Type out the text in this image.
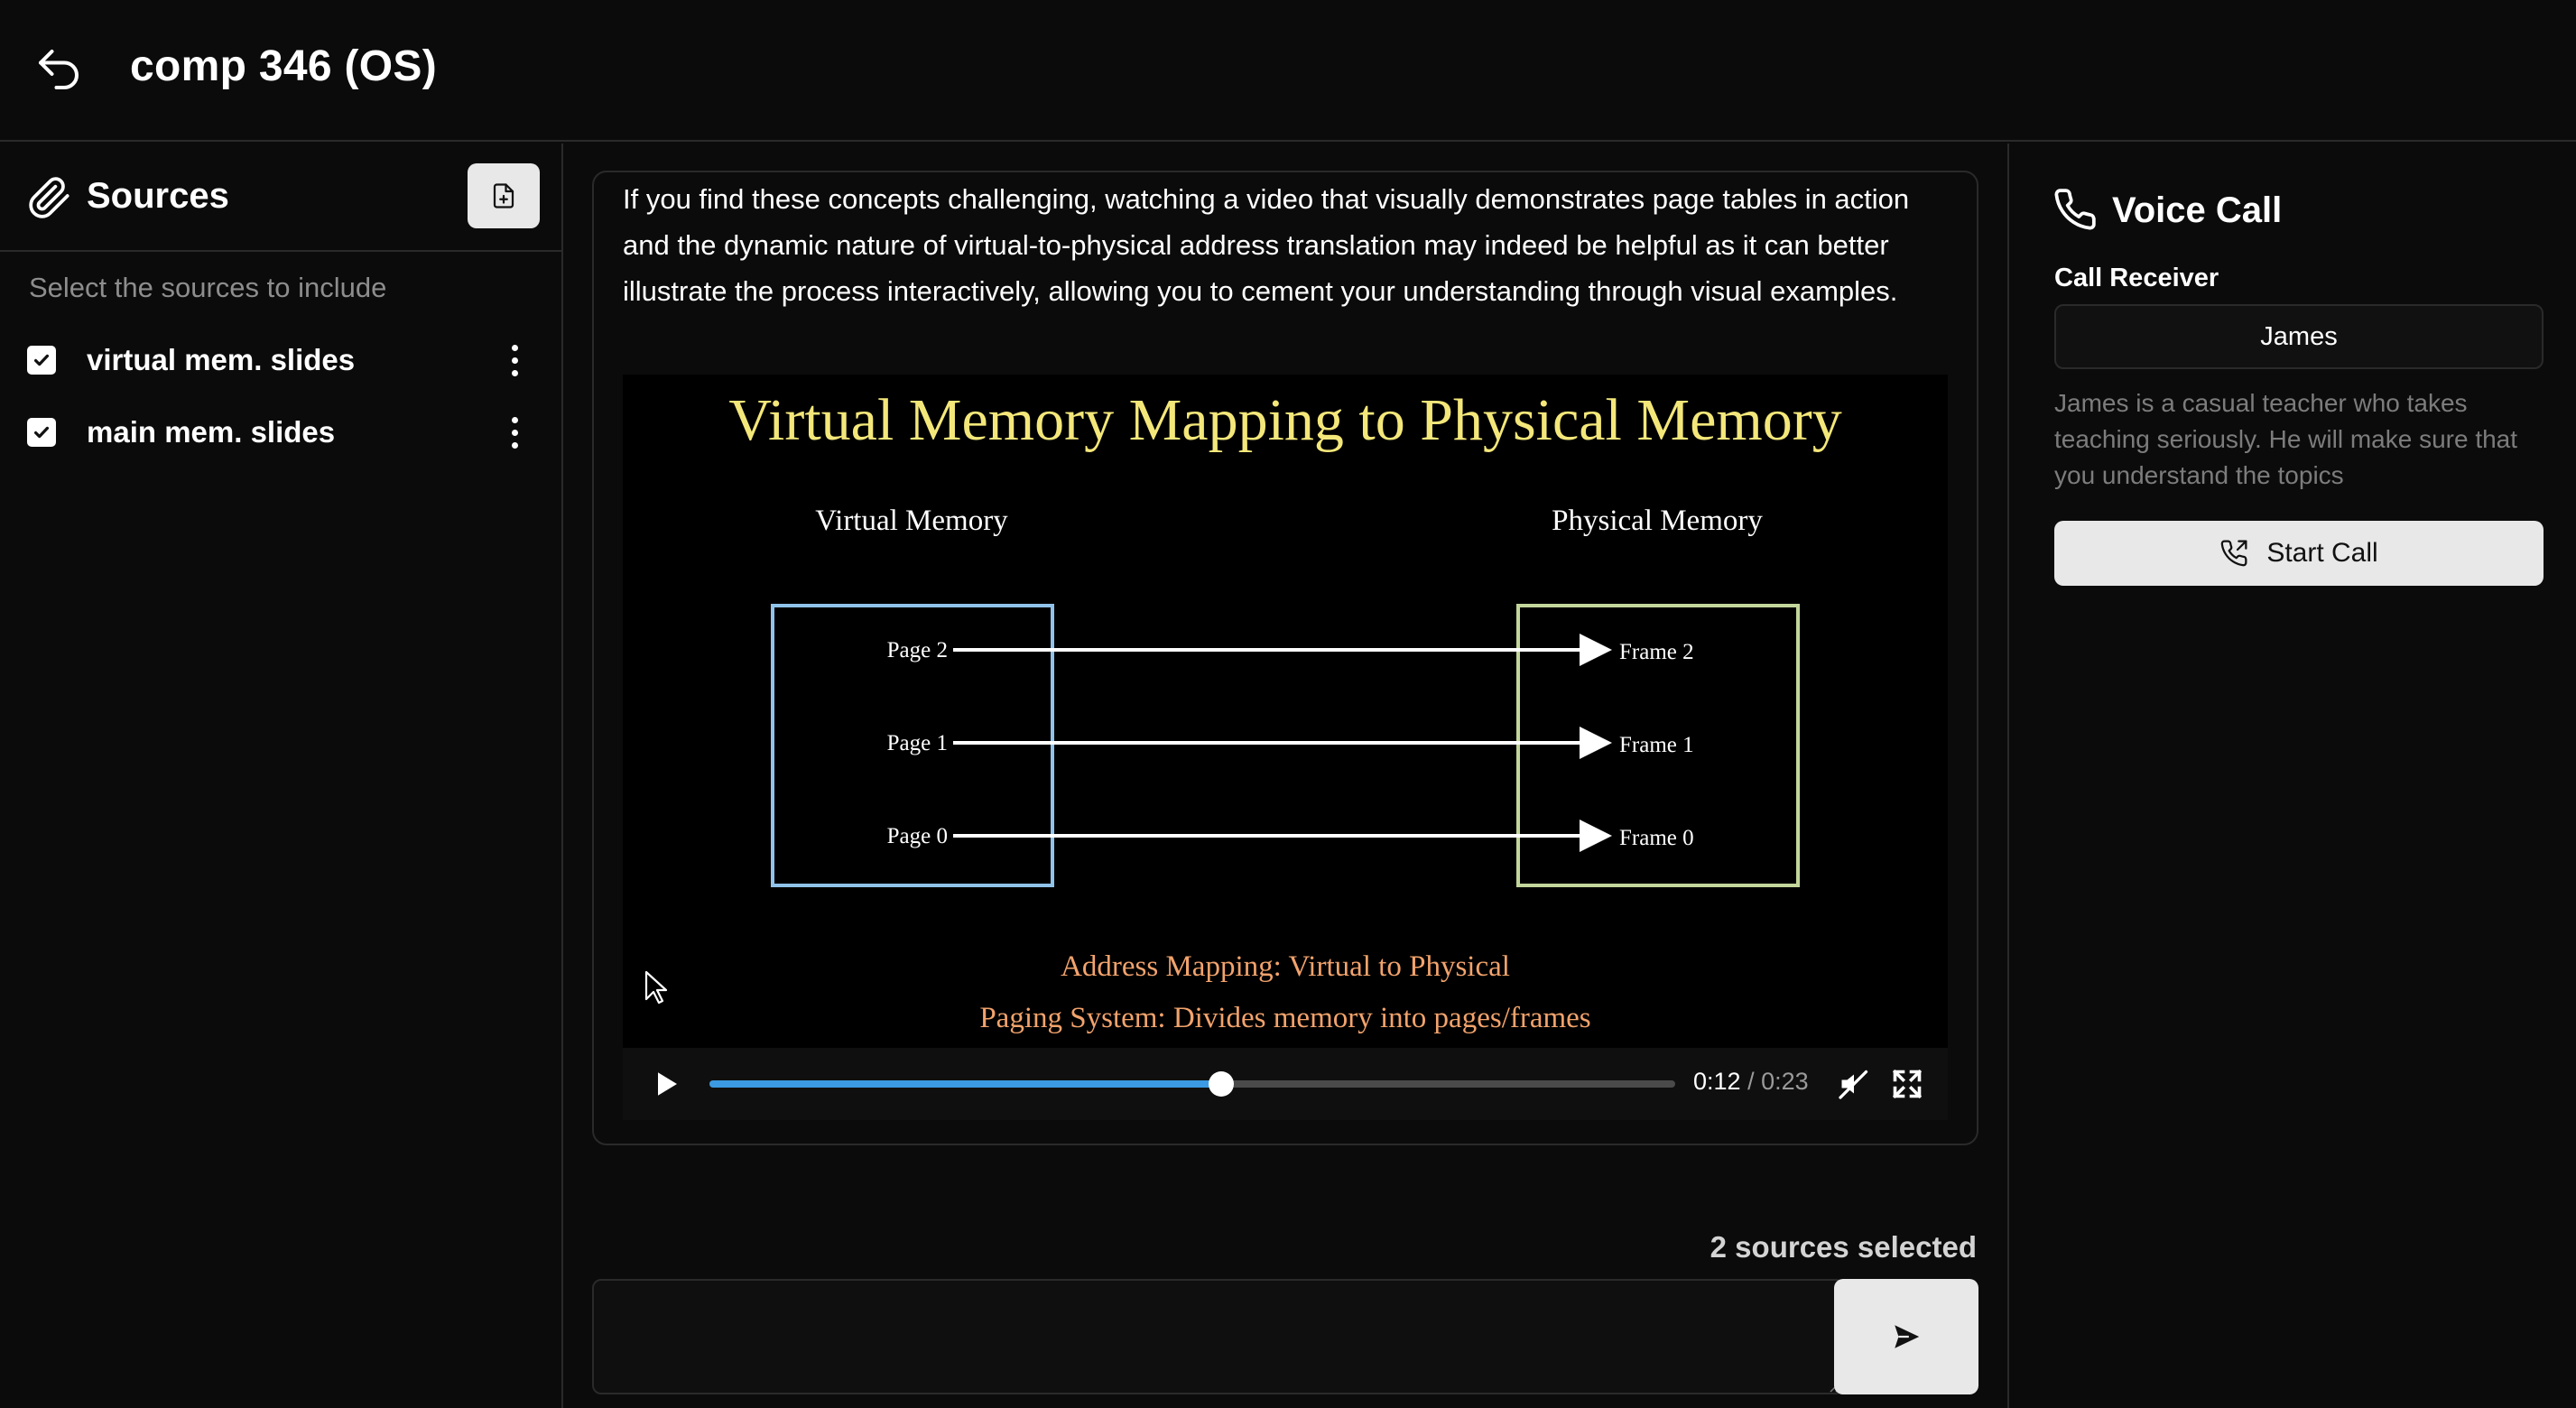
comp 346 (OS)
Sources
Select the sources to include
virtual mem. slides
main mem. slides
If you find these concepts challenging, watching a video that visually demonstrates page tables in action and the dynamic nature of virtual-to-physical address translation may indeed be helpful as it can better illustrate the process interactively, allowing you to cement your understanding through visual examples.
Virtual Memory Mapping to Physical Memory
Virtual Memory	Physical Memory
Page 2
Page 1
Page 0
Frame 2
Frame 1
Frame 0
Address Mapping: Virtual to Physical
Paging System: Divides memory into pages/frames
0:12 / 0:23
2 sources selected
Voice Call
Call Receiver
James
James is a casual teacher who takes teaching seriously. He will make sure that you understand the topics
Start Call
